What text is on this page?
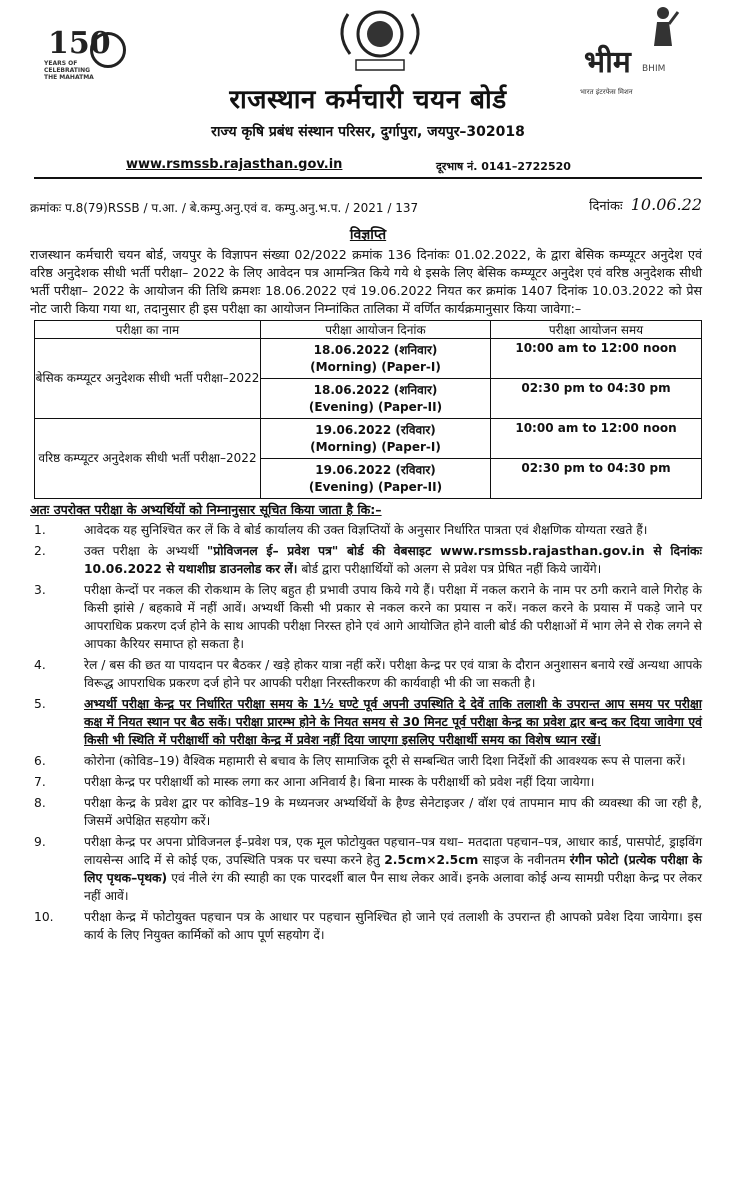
150
YEARS OF CELEBRATING THE MAHATMA	भीम BHIM
भारत इंटरफेस मिशन
राजस्थान कर्मचारी चयन बोर्ड
राज्य कृषि प्रबंध संस्थान परिसर, दुर्गापुरा, जयपुर–302018
www.rsmssb.rajasthan.gov.in	दूरभाष नं. 0141–2722520
क्रमांकः प.8(79)RSSB / प.आ. / बे.कम्पु.अनु.एवं व. कम्पु.अनु.भ.प. / 2021 / 137	दिनांकः 10.06.22
विज्ञप्ति

राजस्थान कर्मचारी चयन बोर्ड, जयपुर के विज्ञापन संख्या 02/2022 क्रमांक 136 दिनांकः 01.02.2022, के द्वारा बेसिक कम्प्यूटर अनुदेश एवं वरिष्ठ अनुदेशक सीधी भर्ती परीक्षा– 2022 के लिए आवेदन पत्र आमन्त्रित किये गये थे इसके लिए बेसिक कम्प्यूटर अनुदेश एवं वरिष्ठ अनुदेशक सीधी भर्ती परीक्षा– 2022 के आयोजन की तिथि क्रमशः 18.06.2022 एवं 19.06.2022 नियत कर क्रमांक 1407 दिनांक 10.03.2022 को प्रेस नोट जारी किया गया था, तदानुसार ही इस परीक्षा का आयोजन निम्नांकित तालिका में वर्णित कार्यक्रमानुसार किया जावेगा:–

परीक्षा का नाम	परीक्षा आयोजन दिनांक	परीक्षा आयोजन समय
बेसिक कम्प्यूटर अनुदेशक सीधी भर्ती परीक्षा–2022	18.06.2022 (शनिवार)
(Morning) (Paper-I)	10:00 am to 12:00 noon

	18.06.2022 (शनिवार)
(Evening) (Paper-II)	02:30 pm to 04:30 pm
वरिष्ठ कम्प्यूटर अनुदेशक सीधी भर्ती परीक्षा–2022	19.06.2022 (रविवार)
(Morning) (Paper-I)	10:00 am to 12:00 noon

	19.06.2022 (रविवार)
(Evening) (Paper-II)	02:30 pm to 04:30 pm
अतः उपरोक्त परीक्षा के अभ्यर्थियों को निम्नानुसार सूचित किया जाता है कि:–
1.	आवेदक यह सुनिश्चित कर लें कि वे बोर्ड कार्यालय की उक्त विज्ञप्तियों के अनुसार निर्धारित पात्रता एवं शैक्षणिक योग्यता रखते हैं।
2.	उक्त परीक्षा के अभ्यर्थी "प्रोविजनल ई– प्रवेश पत्र" बोर्ड की वेबसाइट www.rsmssb.rajasthan.gov.in से दिनांकः 10.06.2022 से यथाशीघ्र डाउनलोड कर लें। बोर्ड द्वारा परीक्षार्थियों को अलग से प्रवेश पत्र प्रेषित नहीं किये जायेंगे।
3.	परीक्षा केन्दों पर नकल की रोकथाम के लिए बहुत ही प्रभावी उपाय किये गये हैं। परीक्षा में नकल कराने के नाम पर ठगी कराने वाले गिरोह के किसी झांसे / बहकावे में नहीं आवें। अभ्यर्थी किसी भी प्रकार से नकल करने का प्रयास न करें। नकल करने के प्रयास में पकड़े जाने पर आपराधिक प्रकरण दर्ज होने के साथ आपकी परीक्षा निरस्त होने एवं आगे आयोजित होने वाली बोर्ड की परीक्षाओं में भाग लेने से रोक लगने से आपका कैरियर समाप्त हो सकता है।
4.	रेल / बस की छत या पायदान पर बैठकर / खड़े होकर यात्रा नहीं करें। परीक्षा केन्द्र पर एवं यात्रा के दौरान अनुशासन बनाये रखें अन्यथा आपके विरूद्ध आपराधिक प्रकरण दर्ज होने पर आपकी परीक्षा निरस्तीकरण की कार्यवाही भी की जा सकती है।
5.	अभ्यर्थी परीक्षा केन्द्र पर निर्धारित परीक्षा समय के 1½ घण्टे पूर्व अपनी उपस्थिति दे देवें ताकि तलाशी के उपरान्त आप समय पर परीक्षा कक्ष में नियत स्थान पर बैठ सकें। परीक्षा प्रारम्भ होने के नियत समय से 30 मिनट पूर्व परीक्षा केन्द्र का प्रवेश द्वार बन्द कर दिया जावेगा एवं किसी भी स्थिति में परीक्षार्थी को परीक्षा केन्द्र में प्रवेश नहीं दिया जाएगा इसलिए परीक्षार्थी समय का विशेष ध्यान रखें।
6.	कोरोना (कोविड–19) वैश्विक महामारी से बचाव के लिए सामाजिक दूरी से सम्बन्धित जारी दिशा निर्देशों की आवश्यक रूप से पालना करें।
7.	परीक्षा केन्द्र पर परीक्षार्थी को मास्क लगा कर आना अनिवार्य है। बिना मास्क के परीक्षार्थी को प्रवेश नहीं दिया जायेगा।
8.	परीक्षा केन्द्र के प्रवेश द्वार पर कोविड–19 के मध्यनजर अभ्यर्थियों के हैण्ड सेनेटाइजर / वॉश एवं तापमान माप की व्यवस्था की जा रही है, जिसमें अपेक्षित सहयोग करें।
9.	परीक्षा केन्द्र पर अपना प्रोविजनल ई–प्रवेश पत्र, एक मूल फोटोयुक्त पहचान–पत्र यथा– मतदाता पहचान–पत्र, आधार कार्ड, पासपोर्ट, ड्राइविंग लायसेन्स आदि में से कोई एक, उपस्थिति पत्रक पर चस्पा करने हेतु 2.5cm×2.5cm साइज के नवीनतम रंगीन फोटो (प्रत्येक परीक्षा के लिए पृथक–पृथक) एवं नीले रंग की स्याही का एक पारदर्शी बाल पैन साथ लेकर आवें। इनके अलावा कोई अन्य सामग्री परीक्षा केन्द्र पर लेकर नहीं आवें।
10.	परीक्षा केन्द्र में फोटोयुक्त पहचान पत्र के आधार पर पहचान सुनिश्चित हो जाने एवं तलाशी के उपरान्त ही आपको प्रवेश दिया जायेगा। इस कार्य के लिए नियुक्त कार्मिकों को आप पूर्ण सहयोग दें।
